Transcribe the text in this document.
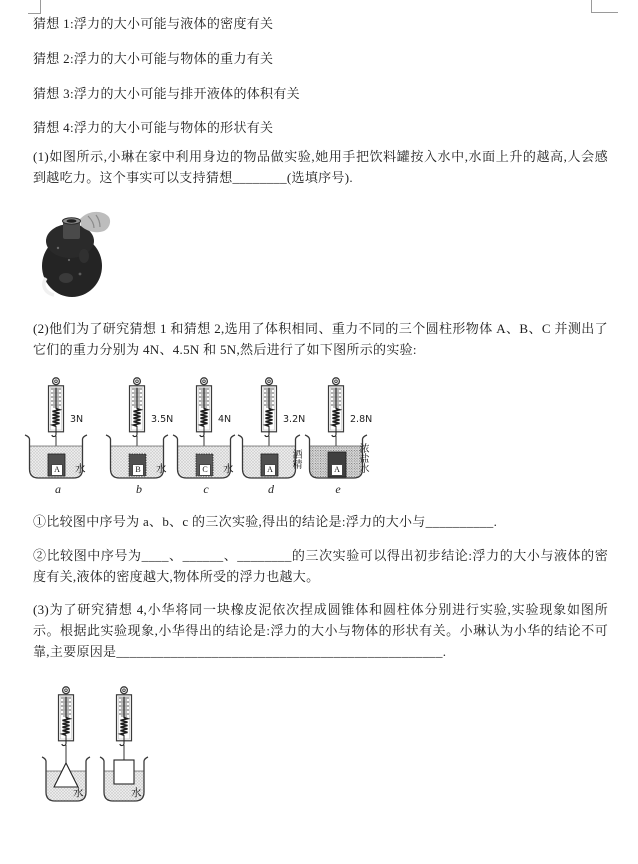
猜想 1:浮力的大小可能与液体的密度有关
猜想 2:浮力的大小可能与物体的重力有关
猜想 3:浮力的大小可能与排开液体的体积有关
猜想 4:浮力的大小可能与物体的形状有关
(1)如图所示,小琳在家中利用身边的物品做实验,她用手把饮料罐按入水中,水面上升的越高,人会感到越吃力。这个事实可以支持猜想________(选填序号).
(2)他们为了研究猜想 1 和猜想 2,选用了体积相同、重力不同的三个圆柱形物体 A、B、C 并测出了它们的重力分别为 4N、4.5N 和 5N,然后进行了如下图所示的实验:
3N
A 水
a
3.5N
B	水
b
4N
C	水
c
3.2N
A
酒精
d
2.8N
A	浓盐水
e
①比较图中序号为 a、b、c 的三次实验,得出的结论是:浮力的大小与__________.
②比较图中序号为____、______、________的三次实验可以得出初步结论:浮力的大小与液体的密度有关,液体的密度越大,物体所受的浮力也越大。
(3)为了研究猜想 4,小华将同一块橡皮泥依次捏成圆锥体和圆柱体分别进行实验,实验现象如图所示。根据此实验现象,小华得出的结论是:浮力的大小与物体的形状有关。小琳认为小华的结论不可靠,主要原因是________________________________________________.
水	水
